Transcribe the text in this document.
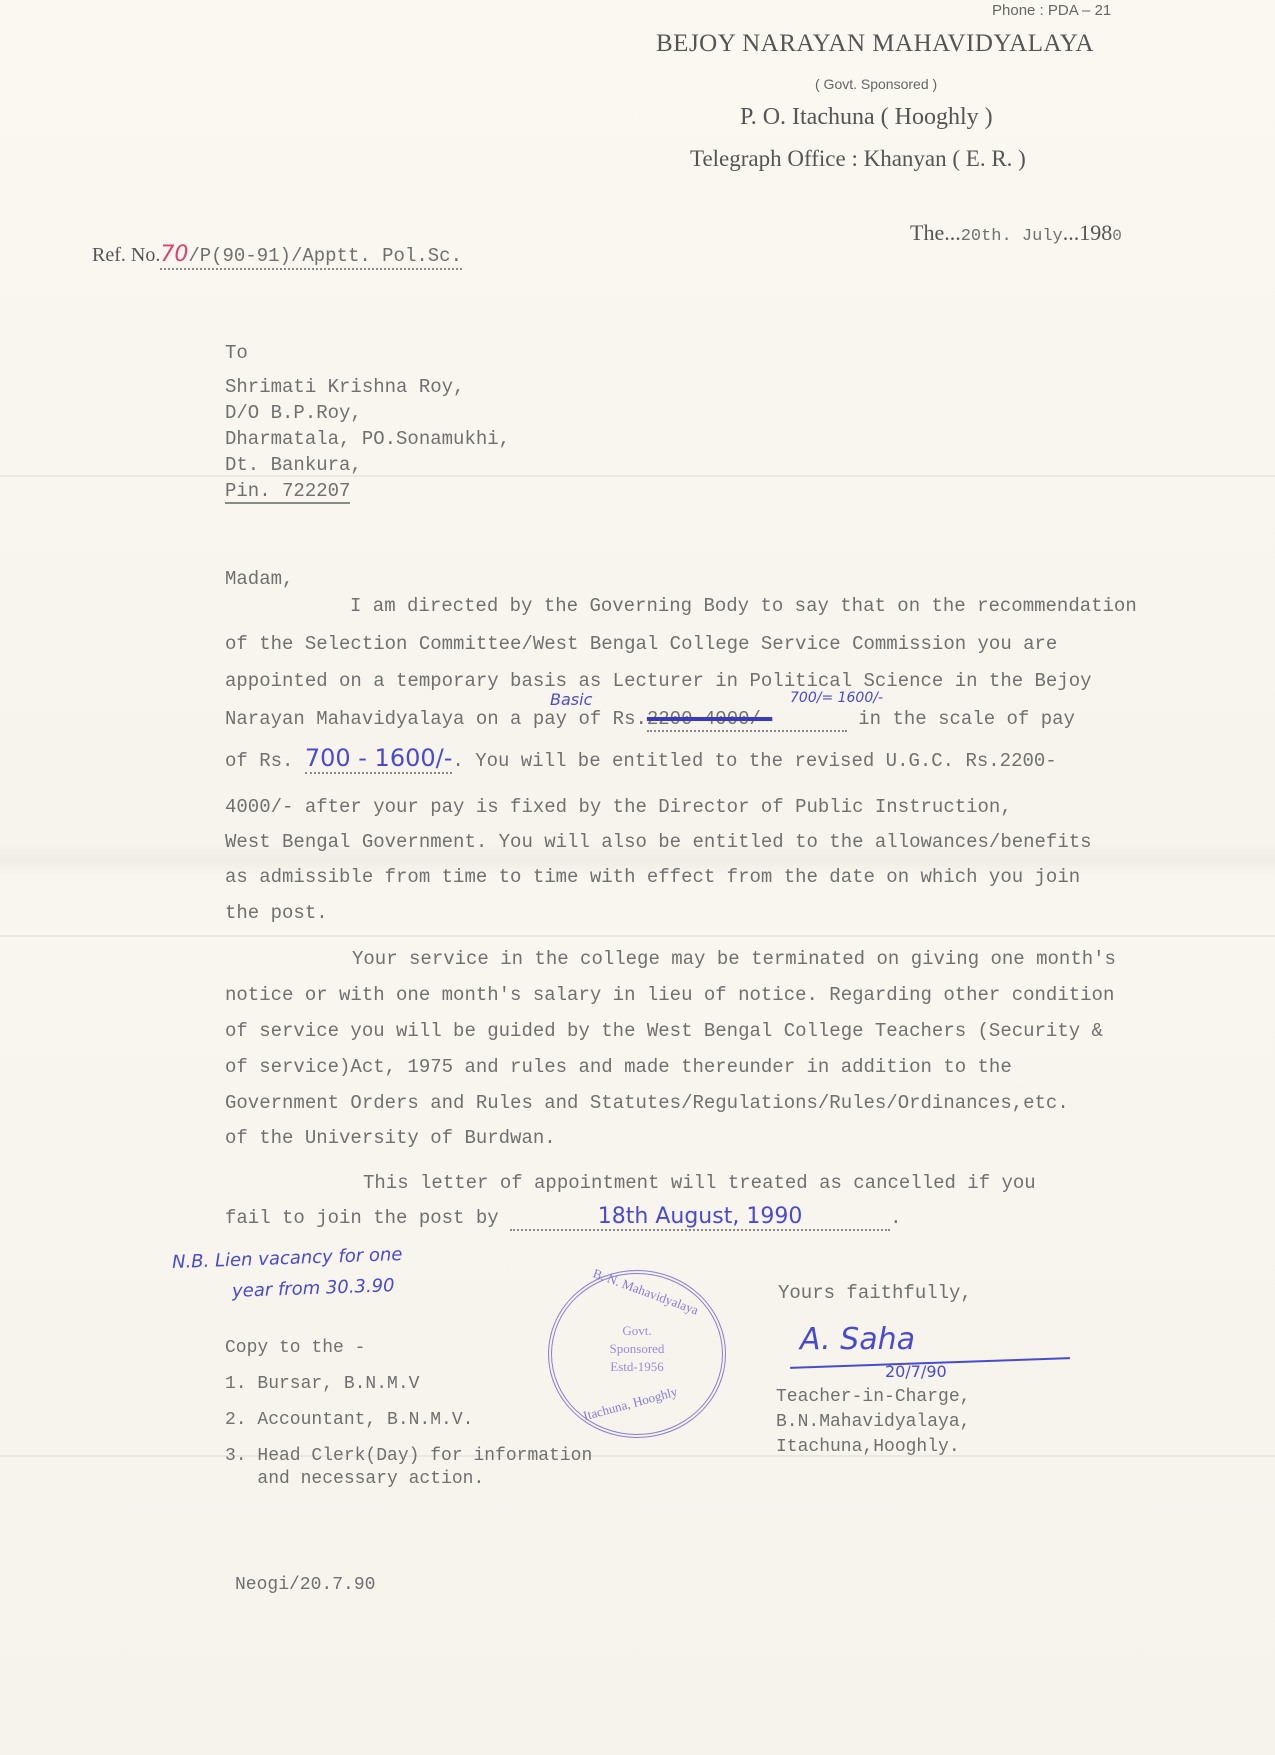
Phone : PDA – 21
BEJOY NARAYAN MAHAVIDYALAYA
( Govt. Sponsored )
P. O. Itachuna ( Hooghly )
Telegraph Office : Khanyan ( E. R. )
Ref. No.70/P(90-91)/Apptt. Pol.Sc.
The...20th. July...1980
To
Shrimati Krishna Roy,
D/O B.P.Roy,
Dharmatala, PO.Sonamukhi,
Dt. Bankura,
Pin. 722207
Madam,
I am directed by the Governing Body to say that on the recommendation
of the Selection Committee/West Bengal College Service Commission you are
appointed on a temporary basis as Lecturer in Political Science in the Bejoy
Basic	700/= 1600/-
Narayan Mahavidyalaya on a pay of Rs.2200-4000/-	in the scale of pay
of Rs. 700 - 1600/-. You will be entitled to the revised U.G.C. Rs.2200-
4000/- after your pay is fixed by the Director of Public Instruction,
West Bengal Government. You will also be entitled to the allowances/benefits
as admissible from time to time with effect from the date on which you join
the post.
Your service in the college may be terminated on giving one month's
notice or with one month's salary in lieu of notice. Regarding other condition
of service you will be guided by the West Bengal College Teachers (Security &
of service)Act, 1975 and rules and made thereunder in addition to the
Government Orders and Rules and Statutes/Regulations/Rules/Ordinances,etc.
of the University of Burdwan.
This letter of appointment will treated as cancelled if you
fail to join the post by	18th August, 1990	.
N.B. Lien vacancy for one
year from 30.3.90	B. N. Mahavidyalaya
Govt.
Sponsored
Estd-1956
Itachuna, Hooghly
Yours faithfully,
A. Saha
20/7/90
Teacher-in-Charge,
B.N.Mahavidyalaya,
Itachuna,Hooghly.
Copy to the -
1. Bursar, B.N.M.V
2. Accountant, B.N.M.V.
3. Head Clerk(Day) for information
and necessary action.
Neogi/20.7.90
